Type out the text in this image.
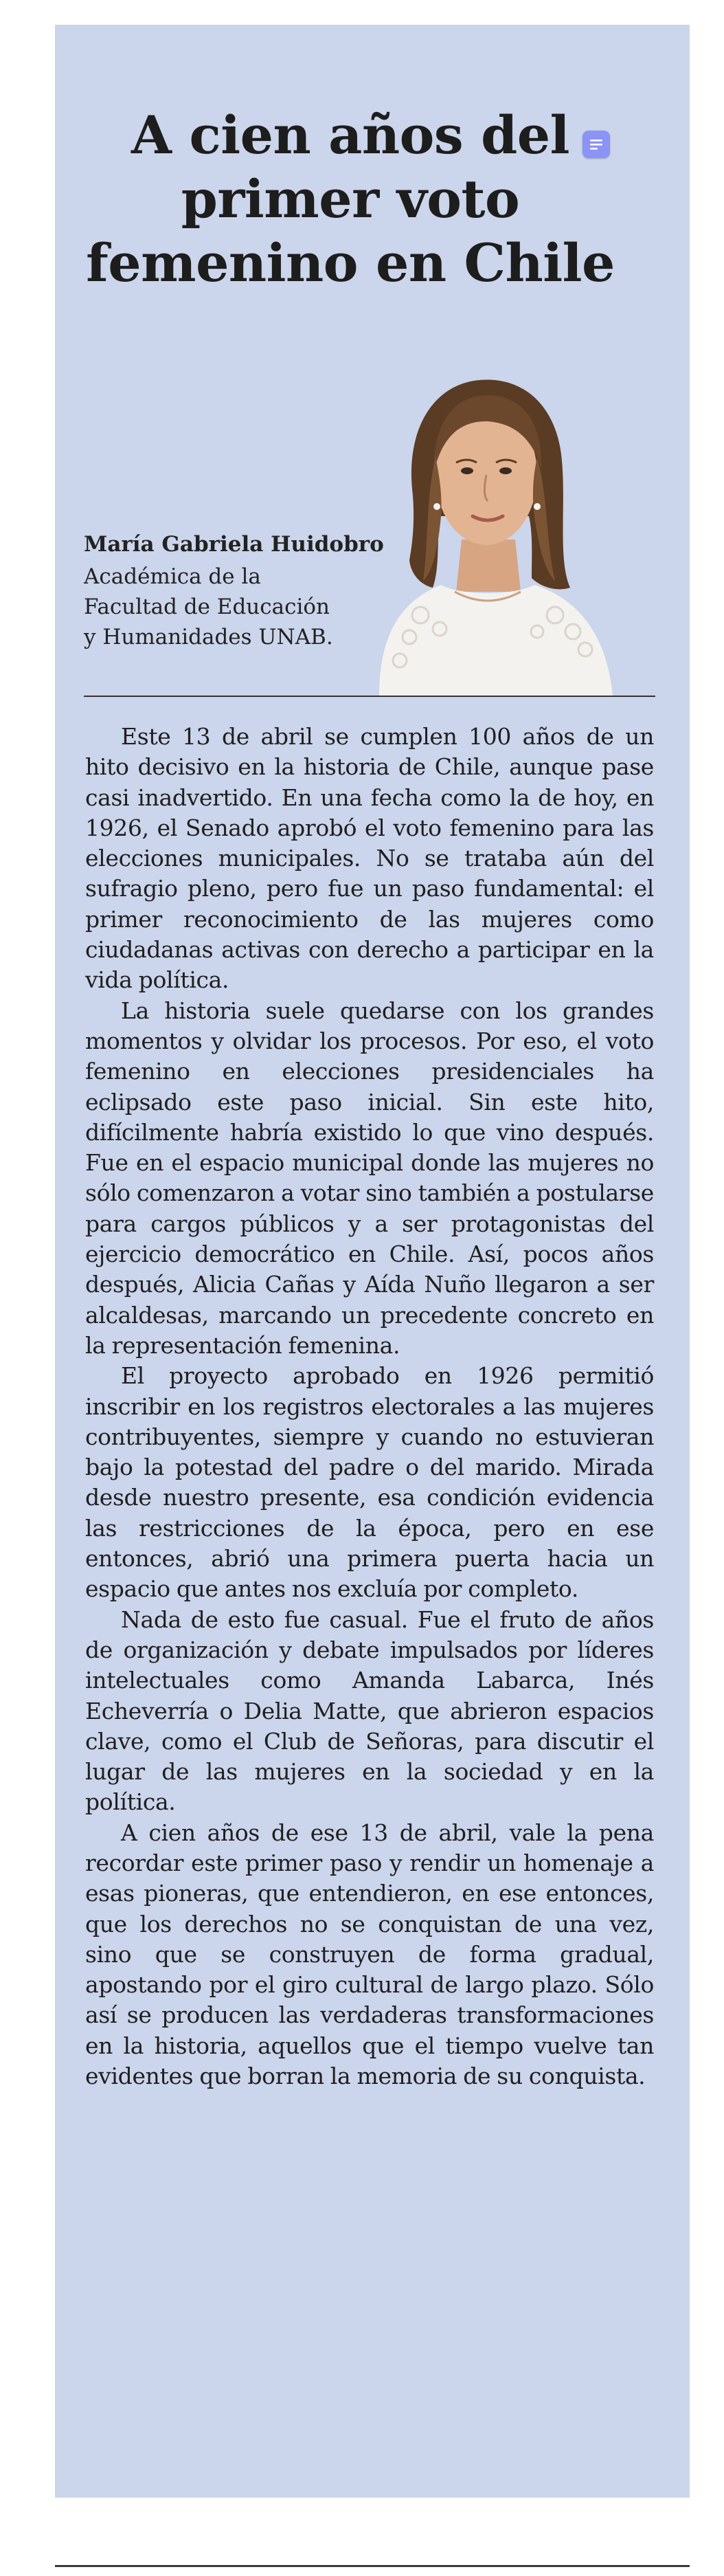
A cien años del
primer voto
femenino en Chile
María Gabriela Huidobro
Académica de la
Facultad de Educación
y Humanidades UNAB.

Este 13 de abril se cumplen 100 años de un hito decisivo en la historia de Chile, aunque pase casi inadvertido. En una fecha como la de hoy, en 1926, el Senado aprobó el voto femenino para las elecciones municipales. No se trataba aún del sufragio pleno, pero fue un paso fundamental: el primer reconocimiento de las mujeres como ciudadanas activas con derecho a participar en la vida política.

La historia suele quedarse con los grandes momentos y olvidar los procesos. Por eso, el voto femenino en elecciones presidenciales ha eclipsado este paso inicial. Sin este hito, difícilmente habría existido lo que vino después. Fue en el espacio municipal donde las mujeres no sólo comenzaron a votar sino también a postularse para cargos públicos y a ser protagonistas del ejercicio democrático en Chile. Así, pocos años después, Alicia Cañas y Aída Nuño llegaron a ser alcaldesas, marcando un precedente concreto en la representación femenina.

El proyecto aprobado en 1926 permitió inscribir en los registros electorales a las mujeres contribuyentes, siempre y cuando no estuvieran bajo la potestad del padre o del marido. Mirada desde nuestro presente, esa condición evidencia las restricciones de la época, pero en ese entonces, abrió una primera puerta hacia un espacio que antes nos excluía por completo.

Nada de esto fue casual. Fue el fruto de años de organización y debate impulsados por líderes intelectuales como Amanda Labarca, Inés Echeverría o Delia Matte, que abrieron espacios clave, como el Club de Señoras, para discutir el lugar de las mujeres en la sociedad y en la política.

A cien años de ese 13 de abril, vale la pena recordar este primer paso y rendir un homenaje a esas pioneras, que entendieron, en ese entonces, que los derechos no se conquistan de una vez, sino que se construyen de forma gradual, apostando por el giro cultural de largo plazo. Sólo así se producen las verdaderas transformaciones en la historia, aquellos que el tiempo vuelve tan evidentes que borran la memoria de su conquista.
